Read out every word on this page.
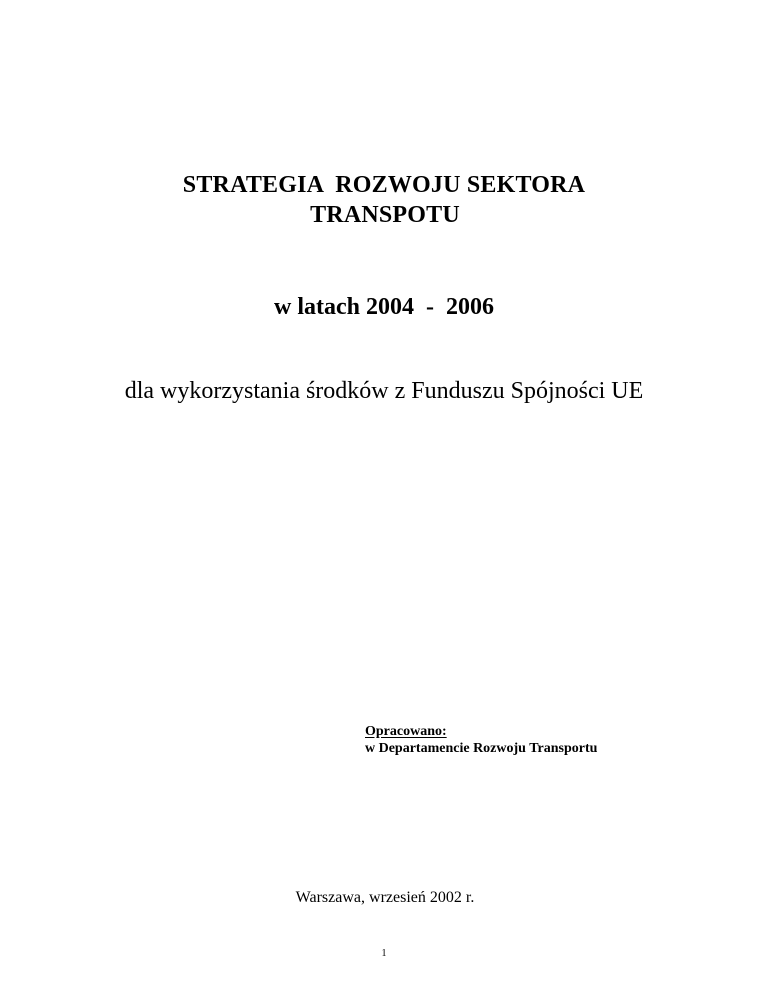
STRATEGIA  ROZWOJU SEKTORA
TRANSPOTU
w latach 2004  -  2006
dla wykorzystania środków z Funduszu Spójności UE
Opracowano:
w Departamencie Rozwoju Transportu
Warszawa, wrzesień 2002 r.
1
